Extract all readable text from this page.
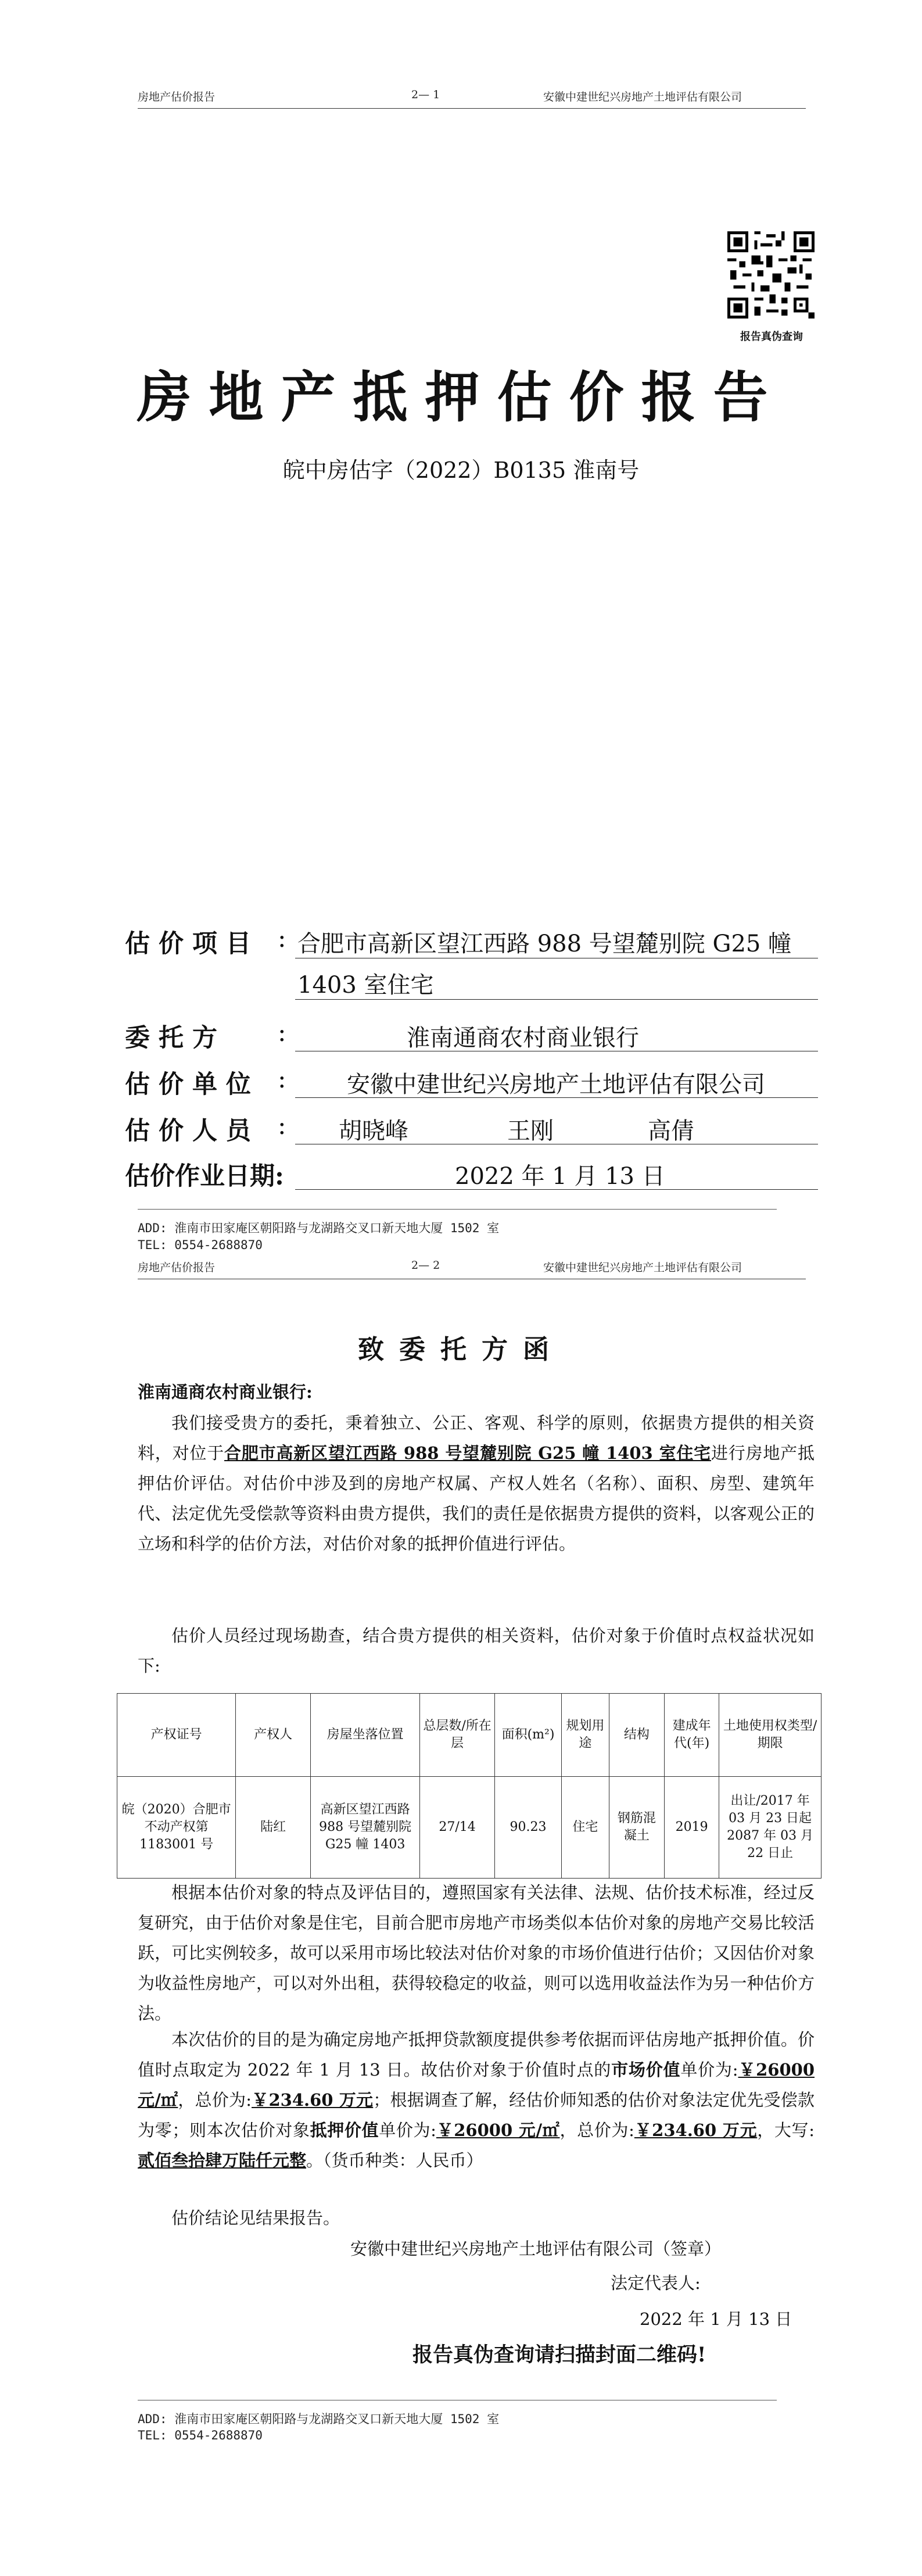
房地产估价报告	2— 1	安徽中建世纪兴房地产土地评估有限公司
报告真伪查询
房地产抵押估价报告
皖中房估字（2022）B0135 淮南号
估 价 项 目 : 合肥市高新区望江西路 988 号望麓别院 G25 幢
1403 室住宅
委 托 方 :	淮南通商农村商业银行
估 价 单 位 :	安徽中建世纪兴房地产土地评估有限公司
估 价 人 员 : 胡晓峰	王刚	高倩
估价作业日期:	2022 年 1 月 13 日
ADD: 淮南市田家庵区朝阳路与龙湖路交叉口新天地大厦 1502 室
TEL: 0554-2688870
房地产估价报告	2— 2	安徽中建世纪兴房地产土地评估有限公司
致委托方函
淮南通商农村商业银行:
我们接受贵方的委托，秉着独立、公正、客观、科学的原则，依据贵方提供的相关资料，对位于合肥市高新区望江西路 988 号望麓别院 G25 幢 1403 室住宅进行房地产抵押估价评估。对估价中涉及到的房地产权属、产权人姓名（名称）、面积、房型、建筑年代、法定优先受偿款等资料由贵方提供，我们的责任是依据贵方提供的资料，以客观公正的立场和科学的估价方法，对估价对象的抵押价值进行评估。
估价人员经过现场勘查，结合贵方提供的相关资料，估价对象于价值时点权益状况如下:
产权证号	产权人	房屋坐落位置	总层数/所在层	面积(m²)	规划用途	结构	建成年代(年)	土地使用权类型/期限
皖（2020）合肥市不动产权第 1183001 号	陆红	高新区望江西路 988 号望麓别院 G25 幢 1403	27/14	90.23	住宅	钢筋混凝土	2019	出让/2017 年 03 月 23 日起 2087 年 03 月 22 日止
根据本估价对象的特点及评估目的，遵照国家有关法律、法规、估价技术标准，经过反复研究，由于估价对象是住宅，目前合肥市房地产市场类似本估价对象的房地产交易比较活跃，可比实例较多，故可以采用市场比较法对估价对象的市场价值进行估价；又因估价对象为收益性房地产，可以对外出租，获得较稳定的收益，则可以选用收益法作为另一种估价方法。
本次估价的目的是为确定房地产抵押贷款额度提供参考依据而评估房地产抵押价值。价值时点取定为 2022 年 1 月 13 日。故估价对象于价值时点的市场价值单价为:￥26000 元/㎡，总价为:￥234.60 万元；根据调查了解，经估价师知悉的估价对象法定优先受偿款为零；则本次估价对象抵押价值单价为:￥26000 元/㎡，总价为:￥234.60 万元，大写:贰佰叁拾肆万陆仟元整。（货币种类：人民币）
估价结论见结果报告。
安徽中建世纪兴房地产土地评估有限公司（签章）
法定代表人:
2022 年 1 月 13 日
报告真伪查询请扫描封面二维码!
ADD: 淮南市田家庵区朝阳路与龙湖路交叉口新天地大厦 1502 室
TEL: 0554-2688870
